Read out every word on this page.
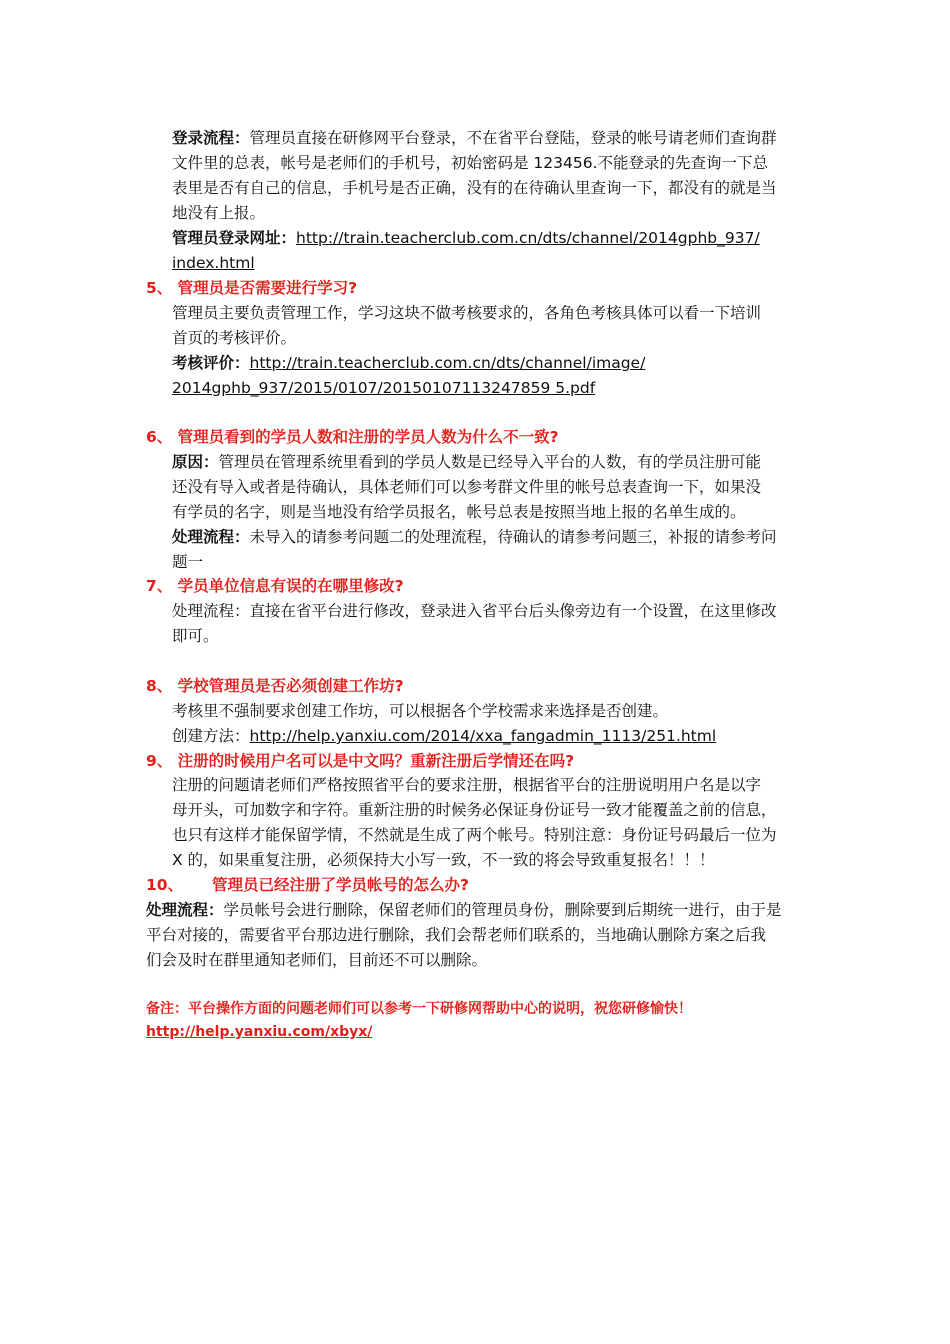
登录流程：管理员直接在研修网平台登录，不在省平台登陆，登录的帐号请老师们查询群
文件里的总表，帐号是老师们的手机号，初始密码是 123456.不能登录的先查询一下总
表里是否有自己的信息，手机号是否正确，没有的在待确认里查询一下，都没有的就是当
地没有上报。
管理员登录网址：http://train.teacherclub.com.cn/dts/channel/2014gphb_937/
index.html
5、 管理员是否需要进行学习?
管理员主要负责管理工作，学习这块不做考核要求的，各角色考核具体可以看一下培训
首页的考核评价。
考核评价：http://train.teacherclub.com.cn/dts/channel/image/
2014gphb_937/2015/0107/20150107113247859 5.pdf
6、 管理员看到的学员人数和注册的学员人数为什么不一致?
原因：管理员在管理系统里看到的学员人数是已经导入平台的人数，有的学员注册可能
还没有导入或者是待确认，具体老师们可以参考群文件里的帐号总表查询一下，如果没
有学员的名字，则是当地没有给学员报名，帐号总表是按照当地上报的名单生成的。
处理流程：未导入的请参考问题二的处理流程，待确认的请参考问题三，补报的请参考问
题一
7、 学员单位信息有误的在哪里修改?
处理流程：直接在省平台进行修改，登录进入省平台后头像旁边有一个设置，在这里修改
即可。
8、 学校管理员是否必须创建工作坊?
考核里不强制要求创建工作坊，可以根据各个学校需求来选择是否创建。
创建方法：http://help.yanxiu.com/2014/xxa_fangadmin_1113/251.html
9、 注册的时候用户名可以是中文吗？重新注册后学情还在吗?
注册的问题请老师们严格按照省平台的要求注册，根据省平台的注册说明用户名是以字
母开头，可加数字和字符。重新注册的时候务必保证身份证号一致才能覆盖之前的信息，
也只有这样才能保留学情，不然就是生成了两个帐号。特别注意：身份证号码最后一位为
X 的，如果重复注册，必须保持大小写一致，不一致的将会导致重复报名！！！
10、 管理员已经注册了学员帐号的怎么办?
处理流程：学员帐号会进行删除，保留老师们的管理员身份，删除要到后期统一进行，由于是
平台对接的，需要省平台那边进行删除，我们会帮老师们联系的，当地确认删除方案之后我
们会及时在群里通知老师们，目前还不可以删除。
备注：平台操作方面的问题老师们可以参考一下研修网帮助中心的说明，祝您研修愉快！
http://help.yanxiu.com/xbyx/
